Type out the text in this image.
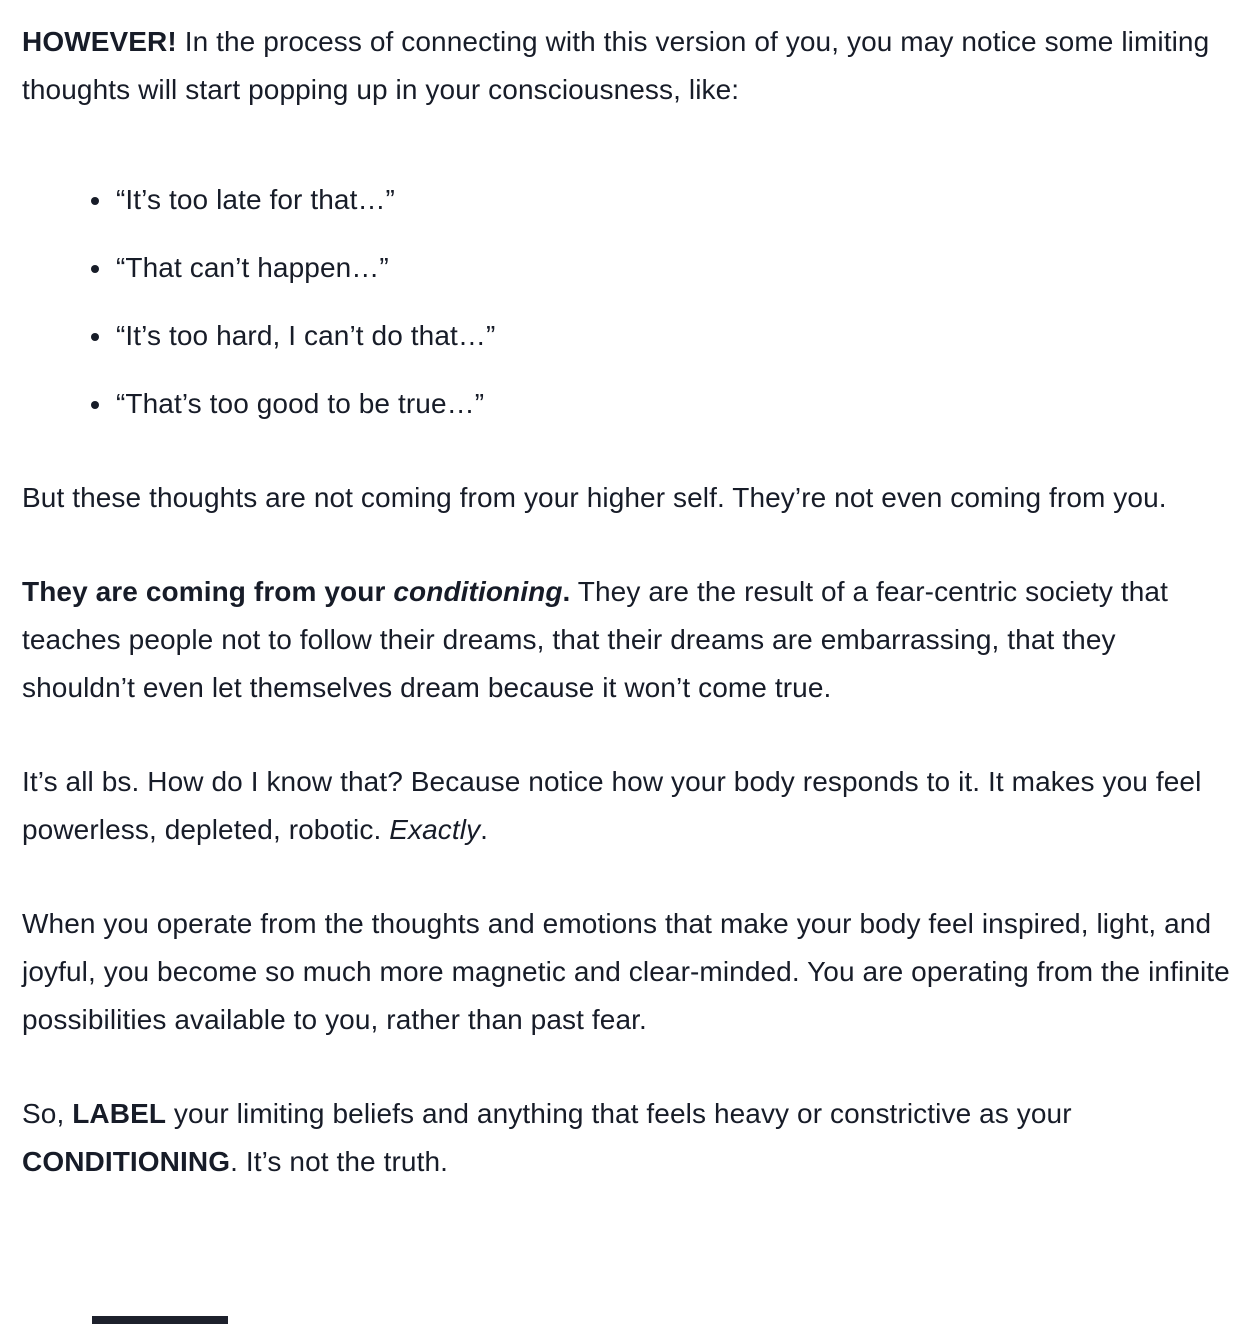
HOWEVER! In the process of connecting with this version of you, you may notice some limiting thoughts will start popping up in your consciousness, like:

• “It’s too late for that…”
• “That can’t happen…”
• “It’s too hard, I can’t do that…”
• “That’s too good to be true…”

But these thoughts are not coming from your higher self. They’re not even coming from you.

They are coming from your conditioning. They are the result of a fear-centric society that teaches people not to follow their dreams, that their dreams are embarrassing, that they shouldn’t even let themselves dream because it won’t come true.

It’s all bs. How do I know that? Because notice how your body responds to it. It makes you feel powerless, depleted, robotic. Exactly.

When you operate from the thoughts and emotions that make your body feel inspired, light, and joyful, you become so much more magnetic and clear-minded. You are operating from the infinite possibilities available to you, rather than past fear.

So, LABEL your limiting beliefs and anything that feels heavy or constrictive as your CONDITIONING. It’s not the truth.
